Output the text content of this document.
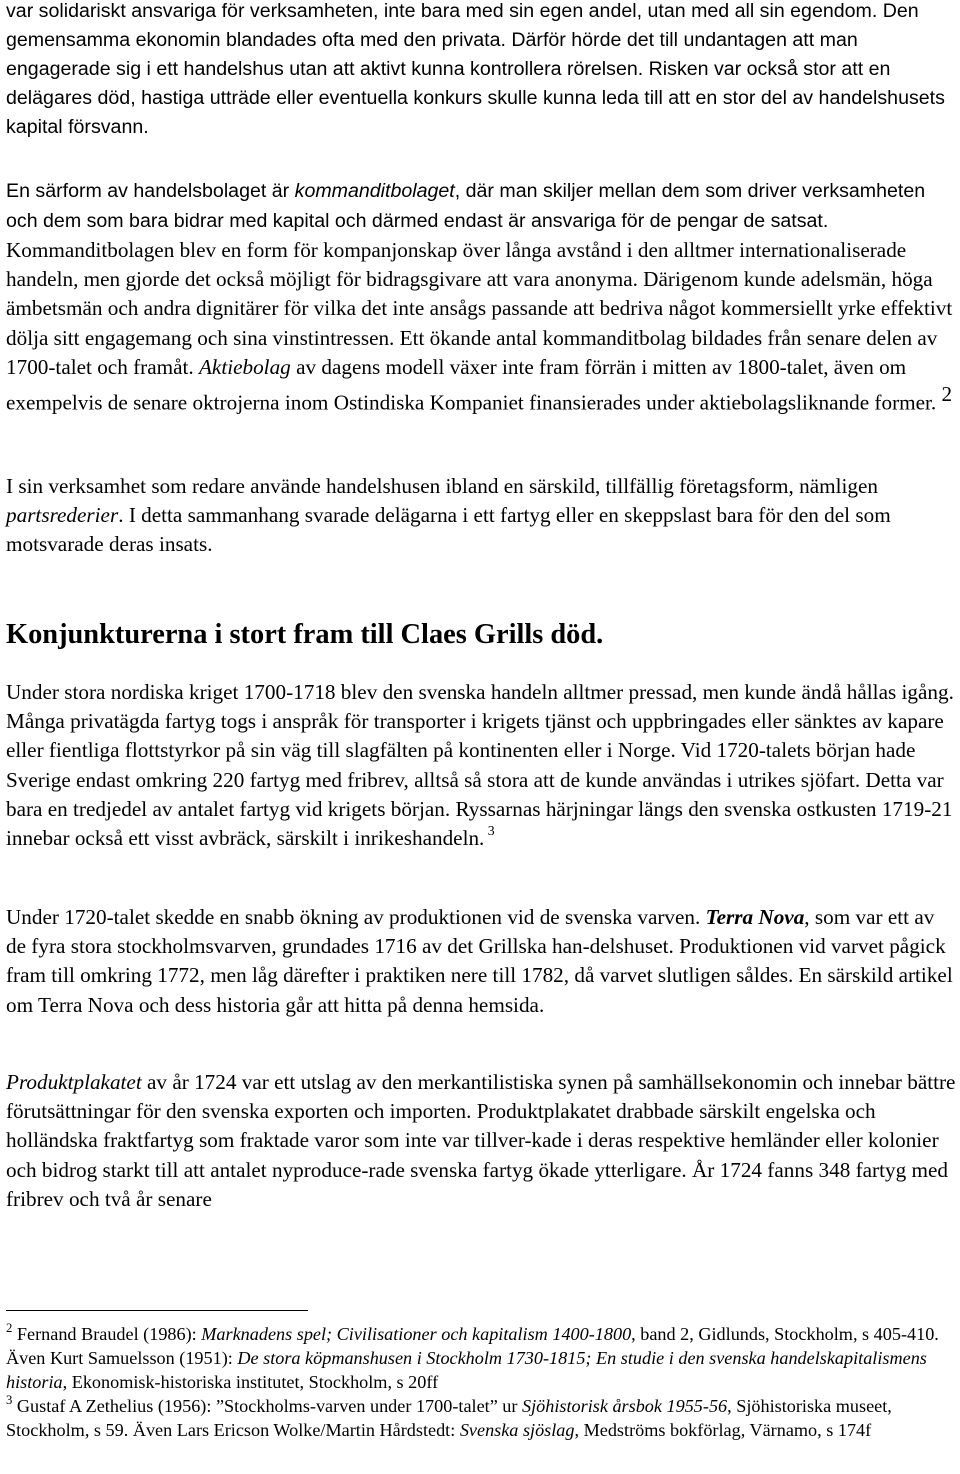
var solidariskt ansvariga för verksamheten, inte bara med sin egen andel, utan med all sin egendom. Den gemensamma ekonomin blandades ofta med den privata. Därför hörde det till undantagen att man engagerade sig i ett handelshus utan att aktivt kunna kontrollera rörelsen. Risken var också stor att en delägares död, hastiga utträde eller eventuella konkurs skulle kunna leda till att en stor del av handelshusets kapital försvann.

En särform av handelsbolaget är kommanditbolaget, där man skiljer mellan dem som driver verksamheten och dem som bara bidrar med kapital och därmed endast är ansvariga för de pengar de satsat. Kommanditbolagen blev en form för kompanjonskap över långa avstånd i den alltmer internationaliserade handeln, men gjorde det också möjligt för bidragsgivare att vara anonyma. Därigenom kunde adelsmän, höga ämbetsmän och andra dignitärer för vilka det inte ansågs passande att bedriva något kommersiellt yrke effektivt dölja sitt engagemang och sina vinstintressen. Ett ökande antal kommanditbolag bildades från senare delen av 1700-talet och framåt. Aktiebolag av dagens modell växer inte fram förrän i mitten av 1800-talet, även om exempelvis de senare oktrojerna inom Ostindiska Kompaniet finansierades under aktiebolagsliknande former. $^2$

I sin verksamhet som redare använde handelshusen ibland en särskild, tillfällig företagsform, nämligen partsrederier. I detta sammanhang svarade delägarna i ett fartyg eller en skeppslast bara för den del som motsvarade deras insats.

Konjunkturerna i stort fram till Claes Grills död.

Under stora nordiska kriget 1700-1718 blev den svenska handeln alltmer pressad, men kunde ändå hållas igång. Många privatägda fartyg togs i anspråk för transporter i krigets tjänst och uppbringades eller sänktes av kapare eller fientliga flottstyrkor på sin väg till slagfälten på kontinenten eller i Norge. Vid 1720-talets början hade Sverige endast omkring 220 fartyg med fribrev, alltså så stora att de kunde användas i utrikes sjöfart. Detta var bara en tredjedel av antalet fartyg vid krigets början. Ryssarnas härjningar längs den svenska ostkusten 1719-21 innebar också ett visst avbräck, särskilt i inrikeshandeln. $^3$

Under 1720-talet skedde en snabb ökning av produktionen vid de svenska varven. Terra Nova, som var ett av de fyra stora stockholmsvarven, grundades 1716 av det Grillska han-delshuset. Produktionen vid varvet pågick fram till omkring 1772, men låg därefter i praktiken nere till 1782, då varvet slutligen såldes. En särskild artikel om Terra Nova och dess historia går att hitta på denna hemsida.

Produktplakatet av år 1724 var ett utslag av den merkantilistiska synen på samhällsekonomin och innebar bättre förutsättningar för den svenska exporten och importen. Produktplakatet drabbade särskilt engelska och holländska fraktfartyg som fraktade varor som inte var tillver-kade i deras respektive hemländer eller kolonier och bidrog starkt till att antalet nyproduce-rade svenska fartyg ökade ytterligare. År 1724 fanns 348 fartyg med fribrev och två år senare

$^2$ Fernand Braudel (1986): Marknadens spel; Civilisationer och kapitalism 1400-1800, band 2, Gidlunds, Stockholm, s 405-410. Även Kurt Samuelsson (1951): De stora köpmanshusen i Stockholm 1730-1815; En studie i den svenska handelskapitalismens historia, Ekonomisk-historiska institutet, Stockholm, s 20ff
$^3$ Gustaf A Zethelius (1956): ”Stockholms-varven under 1700-talet” ur Sjöhistorisk årsbok 1955-56, Sjöhistoriska museet, Stockholm, s 59. Även Lars Ericson Wolke/Martin Hårdstedt: Svenska sjöslag, Medströms bokförlag, Värnamo, s 174f
